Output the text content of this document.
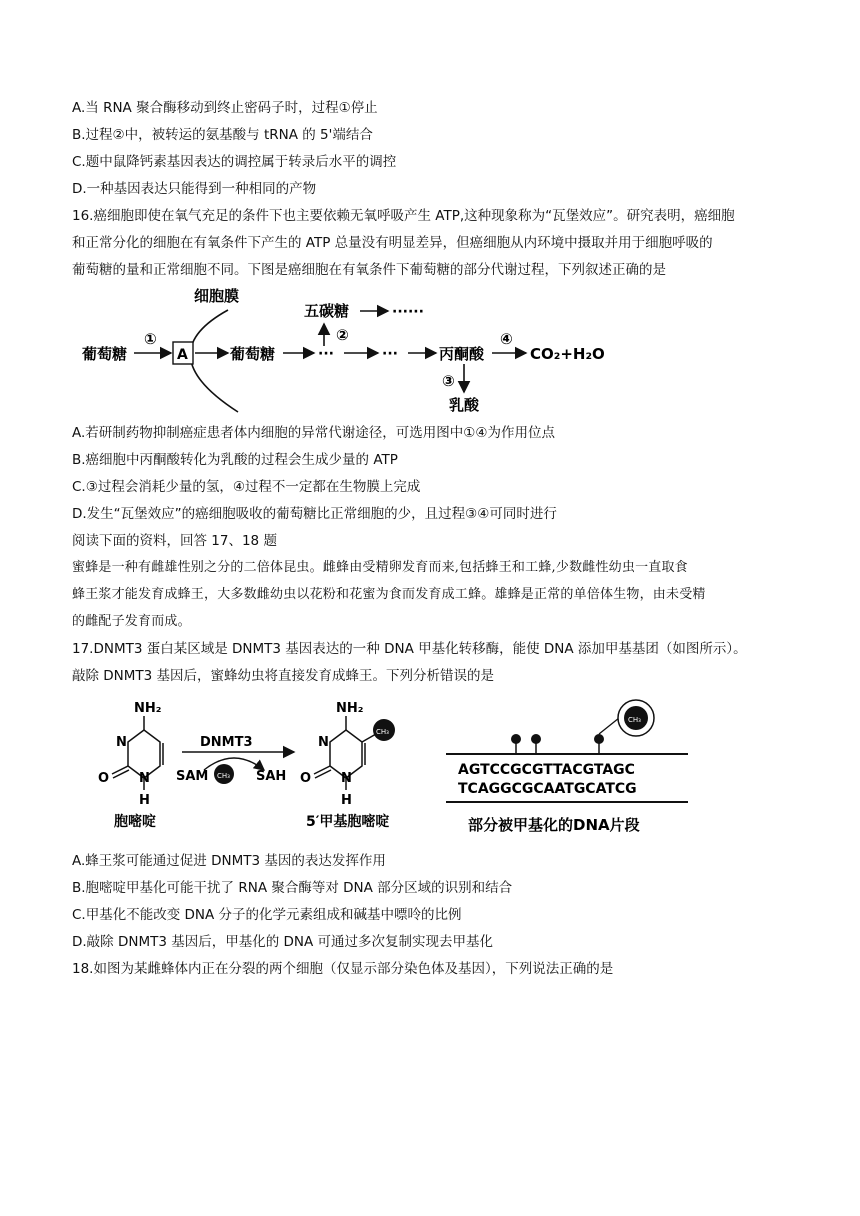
A.当 RNA 聚合酶移动到终止密码子时，过程①停止
B.过程②中，被转运的氨基酸与 tRNA 的 5'端结合
C.题中鼠降钙素基因表达的调控属于转录后水平的调控
D.一种基因表达只能得到一种相同的产物
16.癌细胞即使在氧气充足的条件下也主要依赖无氧呼吸产生 ATP,这种现象称为“瓦堡效应”。研究表明，癌细胞
和正常分化的细胞在有氧条件下产生的 ATP 总量没有明显差异，但癌细胞从内环境中摄取并用于细胞呼吸的
葡萄糖的量和正常细胞不同。下图是癌细胞在有氧条件下葡萄糖的部分代谢过程，下列叙述正确的是
细胞膜
葡萄糖
①
A	葡萄糖	···
②
五碳糖	······
···	丙酮酸
④
CO₂+H₂O
③
乳酸
A.若研制药物抑制癌症患者体内细胞的异常代谢途径，可选用图中①④为作用位点
B.癌细胞中丙酮酸转化为乳酸的过程会生成少量的 ATP
C.③过程会消耗少量的氢，④过程不一定都在生物膜上完成
D.发生“瓦堡效应”的癌细胞吸收的葡萄糖比正常细胞的少，且过程③④可同时进行
阅读下面的资料，回答 17、18 题
蜜蜂是一种有雌雄性别之分的二倍体昆虫。雌蜂由受精卵发育而来,包括蜂王和工蜂,少数雌性幼虫一直取食
蜂王浆才能发育成蜂王，大多数雌幼虫以花粉和花蜜为食而发育成工蜂。雄蜂是正常的单倍体生物，由未受精
的雌配子发育而成。
17.DNMT3 蛋白某区域是 DNMT3 基因表达的一种 DNA 甲基化转移酶，能使 DNA 添加甲基基团（如图所示）。
敲除 DNMT3 基因后，蜜蜂幼虫将直接发育成蜂王。下列分析错误的是
NH₂
N
N
O
H
胞嘧啶
DNMT3
SAM CH₃ SAH
CH₃
NH₂
N
N
O
H
5′甲基胞嘧啶
CH₃
AGTCCGCGTTACGTAGC
TCAGGCGCAATGCATCG
部分被甲基化的DNA片段
A.蜂王浆可能通过促进 DNMT3 基因的表达发挥作用
B.胞嘧啶甲基化可能干扰了 RNA 聚合酶等对 DNA 部分区域的识别和结合
C.甲基化不能改变 DNA 分子的化学元素组成和碱基中嘌呤的比例
D.敲除 DNMT3 基因后，甲基化的 DNA 可通过多次复制实现去甲基化
18.如图为某雌蜂体内正在分裂的两个细胞（仅显示部分染色体及基因），下列说法正确的是
